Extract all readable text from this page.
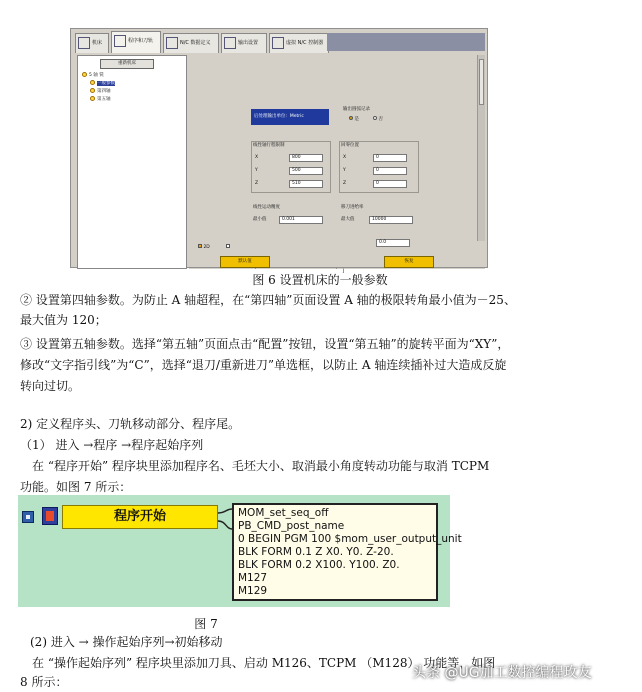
机床	程序和刀轨	N/C 数据定义	输出设置	虚拟 N/C 控制器
重新机床
5 轴 铣
一般参数
第四轴
第五轴
后处理输出单位: Metric
输出圆弧记录
是	否
线性轴行程限制	回零位置
X	800	X	0
Y	500	Y	0
Z	510	Z	0
线性运动精度
最小值	0.001
移刀进给率
最大值	10000
J
2D
0.0
默认值	恢复
图 6 设置机床的一般参数
② 设置第四轴参数。为防止 A 轴超程，在“第四轴”页面设置 A 轴的极限转角最小值为－25、
最大值为 120；
③ 设置第五轴参数。选择“第五轴”页面点击“配置”按钮，设置“第五轴”的旋转平面为“XY”，
修改“文字指引线”为“C”，选择“退刀/重新进刀”单选框，以防止 A 轴连续插补过大造成反旋
转向过切。
2) 定义程序头、刀轨移动部分、程序尾。
（1） 进入 →程序 →程序起始序列
　在 “程序开始” 程序块里添加程序名、毛坯大小、取消最小角度转动功能与取消 TCPM
功能。如图 7 所示：
程序开始	MOM_set_seq_off
PB_CMD_post_name
0 BEGIN PGM 100 $mom_user_output_unit
BLK FORM 0.1 Z X0. Y0. Z-20.
BLK FORM 0.2 X100. Y100. Z0.
M127
M129
图 7
(2) 进入 → 操作起始序列→初始移动
　在 “操作起始序列” 程序块里添加刀具、启动 M126、TCPM （M128） 功能等，如图
8 所示：
头条 @UG加工数控编程玫友
